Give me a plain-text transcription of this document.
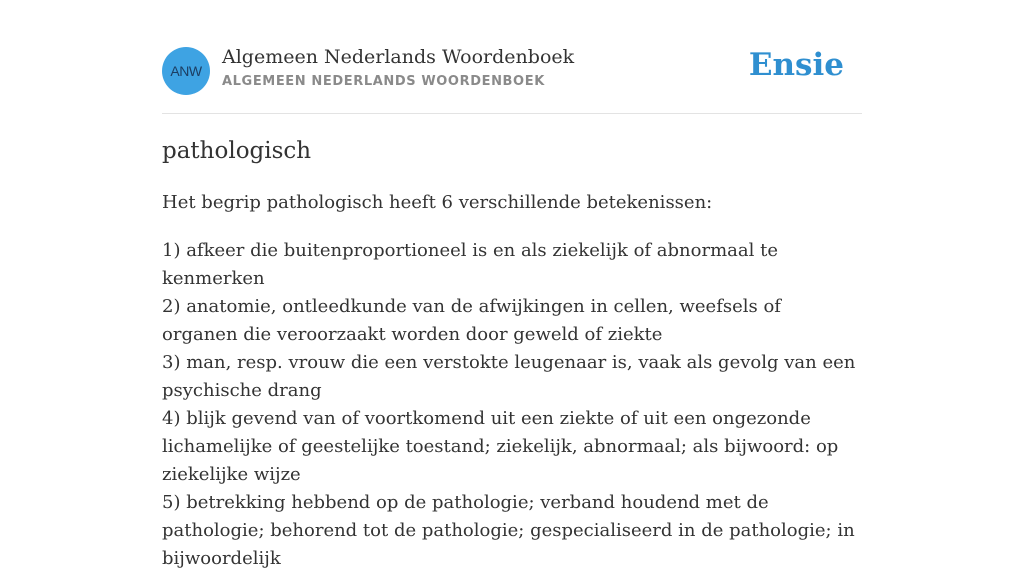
ANW
Algemeen Nederlands Woordenboek
ALGEMEEN NEDERLANDS WOORDENBOEK	Ensie
pathologisch

Het begrip pathologisch heeft 6 verschillende betekenissen:

1) afkeer die buitenproportioneel is en als ziekelijk of abnormaal te kenmerken
2) anatomie, ontleedkunde van de afwijkingen in cellen, weefsels of organen die veroorzaakt worden door geweld of ziekte
3) man, resp. vrouw die een verstokte leugenaar is, vaak als gevolg van een psychische drang
4) blijk gevend van of voortkomend uit een ziekte of uit een ongezonde lichamelijke of geestelijke toestand; ziekelijk, abnormaal; als bijwoord: op ziekelijke wijze
5) betrekking hebbend op de pathologie; verband houdend met de pathologie; behorend tot de pathologie; gespecialiseerd in de pathologie; in bijwoordelijk
